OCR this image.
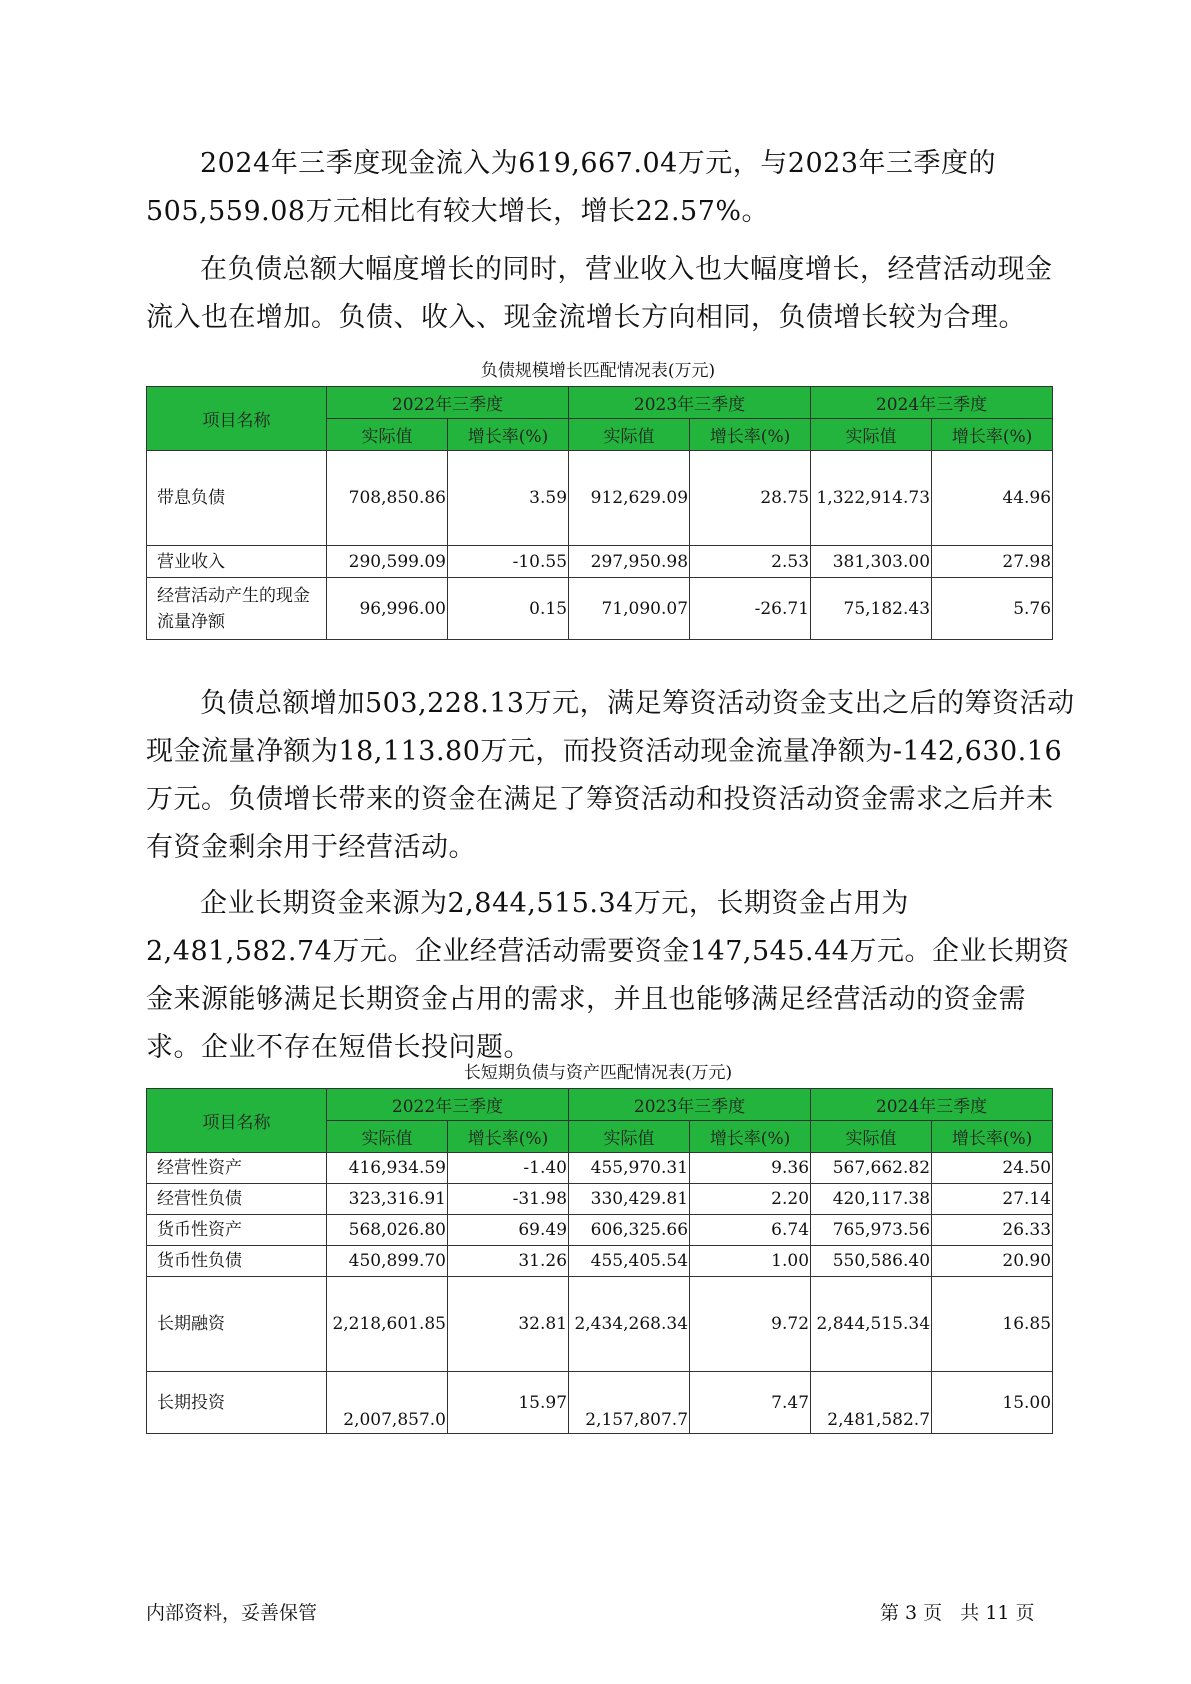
2024年三季度现金流入为619,667.04万元，与2023年三季度的505,559.08万元相比有较大增长，增长22.57%。

在负债总额大幅度增长的同时，营业收入也大幅度增长，经营活动现金流入也在增加。负债、收入、现金流增长方向相同，负债增长较为合理。

负债规模增长匹配情况表(万元)

项目名称	2022年三季度		2023年三季度		2024年三季度	
	实际值	增长率(%)	实际值	增长率(%)	实际值	增长率(%)
带息负债	708,850.86	3.59	912,629.09	28.75	1,322,914.73	44.96
营业收入	290,599.09	-10.55	297,950.98	2.53	381,303.00	27.98
经营活动产生的现金流量净额	96,996.00	0.15	71,090.07	-26.71	75,182.43	5.76

负债总额增加503,228.13万元，满足筹资活动资金支出之后的筹资活动现金流量净额为18,113.80万元，而投资活动现金流量净额为-142,630.16万元。负债增长带来的资金在满足了筹资活动和投资活动资金需求之后并未有资金剩余用于经营活动。

企业长期资金来源为2,844,515.34万元，长期资金占用为2,481,582.74万元。企业经营活动需要资金147,545.44万元。企业长期资金来源能够满足长期资金占用的需求，并且也能够满足经营活动的资金需求。企业不存在短借长投问题。

长短期负债与资产匹配情况表(万元)

项目名称	2022年三季度		2023年三季度		2024年三季度	
	实际值	增长率(%)	实际值	增长率(%)	实际值	增长率(%)
经营性资产	416,934.59	-1.40	455,970.31	9.36	567,662.82	24.50
经营性负债	323,316.91	-31.98	330,429.81	2.20	420,117.38	27.14
货币性资产	568,026.80	69.49	606,325.66	6.74	765,973.56	26.33
货币性负债	450,899.70	31.26	455,405.54	1.00	550,586.40	20.90
长期融资	2,218,601.85	32.81	2,434,268.34	9.72	2,844,515.34	16.85
长期投资	2,007,857.0	15.97	2,157,807.7	7.47	2,481,582.7	15.00
内部资料，妥善保管	第 3 页   共 11 页
